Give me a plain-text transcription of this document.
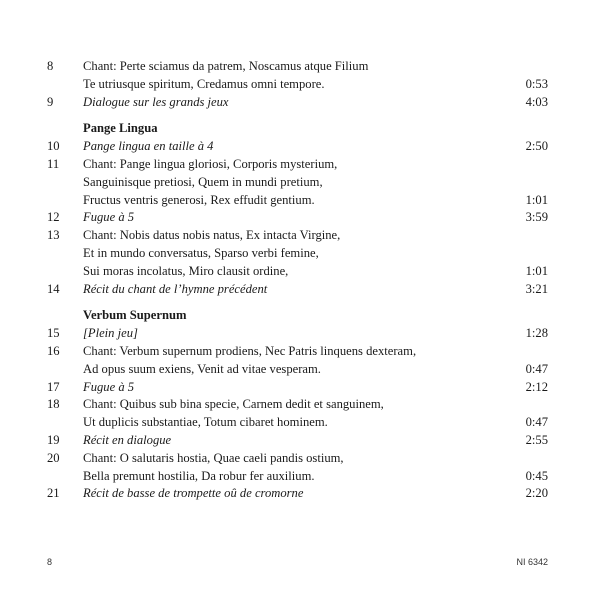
8 Chant: Perte sciamus da patrem, Noscamus atque Filium
Te utriusque spiritum, Credamus omni tempore.	0:53
9 Dialogue sur les grands jeux	4:03
Pange Lingua
10 Pange lingua en taille à 4	2:50
11 Chant: Pange lingua gloriosi, Corporis mysterium,
Sanguinisque pretiosi, Quem in mundi pretium,
Fructus ventris generosi, Rex effudit gentium.	1:01
12 Fugue à 5	3:59
13 Chant: Nobis datus nobis natus, Ex intacta Virgine,
Et in mundo conversatus, Sparso verbi femine,
Sui moras incolatus, Miro clausit ordine,	1:01
14 Récit du chant de l’hymne précédent	3:21
Verbum Supernum
15 [Plein jeu]	1:28
16 Chant: Verbum supernum prodiens, Nec Patris linquens dexteram,
Ad opus suum exiens, Venit ad vitae vesperam.	0:47
17 Fugue à 5	2:12
18 Chant: Quibus sub bina specie, Carnem dedit et sanguinem,
Ut duplicis substantiae, Totum cibaret hominem.	0:47
19 Récit en dialogue	2:55
20 Chant: O salutaris hostia, Quae caeli pandis ostium,
Bella premunt hostilia, Da robur fer auxilium.	0:45
21 Récit de basse de trompette oû de cromorne	2:20
8	NI 6342
